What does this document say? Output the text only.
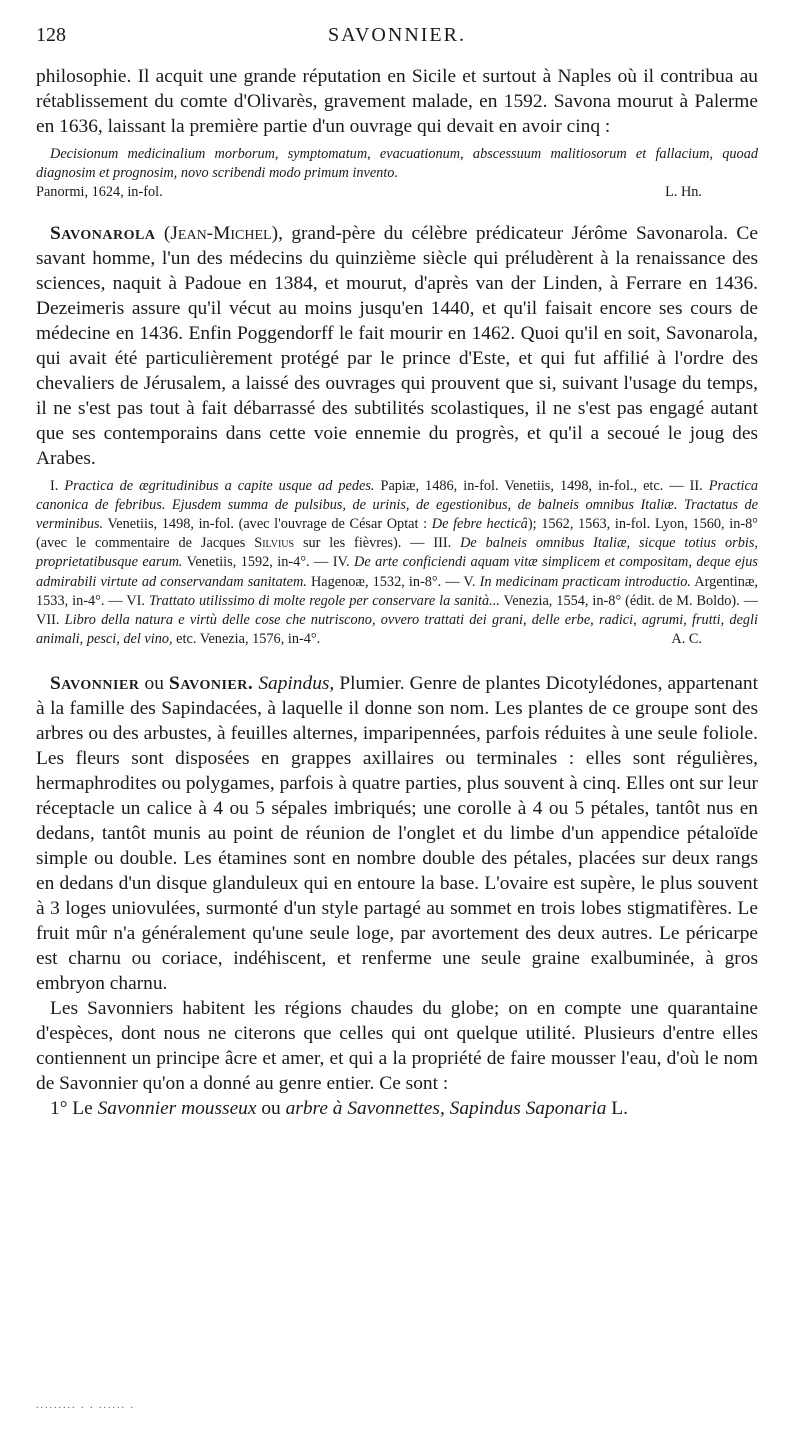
128	SAVONNIER.

philosophie. Il acquit une grande réputation en Sicile et surtout à Naples où il contribua au rétablissement du comte d'Olivarès, gravement malade, en 1592. Savona mourut à Palerme en 1636, laissant la première partie d'un ouvrage qui devait en avoir cinq :

Decisionum medicinalium morborum, symptomatum, evacuationum, abscessuum malitiosorum et fallacium, quoad diagnosim et prognosim, novo scribendi modo primum invento.

Panormi, 1624, in-fol.	L. Hn.

Savonarola (Jean-Michel), grand-père du célèbre prédicateur Jérôme Savonarola. Ce savant homme, l'un des médecins du quinzième siècle qui préludèrent à la renaissance des sciences, naquit à Padoue en 1384, et mourut, d'après van der Linden, à Ferrare en 1436. Dezeimeris assure qu'il vécut au moins jusqu'en 1440, et qu'il faisait encore ses cours de médecine en 1436. Enfin Poggendorff le fait mourir en 1462. Quoi qu'il en soit, Savonarola, qui avait été particulièrement protégé par le prince d'Este, et qui fut affilié à l'ordre des chevaliers de Jérusalem, a laissé des ouvrages qui prouvent que si, suivant l'usage du temps, il ne s'est pas tout à fait débarrassé des subtilités scolastiques, il ne s'est pas engagé autant que ses contemporains dans cette voie ennemie du progrès, et qu'il a secoué le joug des Arabes.

I. Practica de ægritudinibus a capite usque ad pedes. Papiæ, 1486, in-fol. Venetiis, 1498, in-fol., etc. — II. Practica canonica de febribus. Ejusdem summa de pulsibus, de urinis, de egestionibus, de balneis omnibus Italiæ. Tractatus de verminibus. Venetiis, 1498, in-fol. (avec l'ouvrage de César Optat : De febre hecticâ); 1562, 1563, in-fol. Lyon, 1560, in-8° (avec le commentaire de Jacques Silvius sur les fièvres). — III. De balneis omnibus Italiæ, sicque totius orbis, proprietatibusque earum. Venetiis, 1592, in-4°. — IV. De arte conficiendi aquam vitæ simplicem et compositam, deque ejus admirabili virtute ad conservandam sanitatem. Hagenoæ, 1532, in-8°. — V. In medicinam practicam introductio. Argentinæ, 1533, in-4°. — VI. Trattato utilissimo di molte regole per conservare la sanità... Venezia, 1554, in-8° (édit. de M. Boldo). — VII. Libro della natura e virtù delle cose che nutriscono, ovvero trattati dei grani, delle erbe, radici, agrumi, frutti, degli animali, pesci, del vino, etc. Venezia, 1576, in-4°.	A. C.

Savonnier ou Savonier. Sapindus, Plumier. Genre de plantes Dicotylédones, appartenant à la famille des Sapindacées, à laquelle il donne son nom. Les plantes de ce groupe sont des arbres ou des arbustes, à feuilles alternes, imparipennées, parfois réduites à une seule foliole. Les fleurs sont disposées en grappes axillaires ou terminales : elles sont régulières, hermaphrodites ou polygames, parfois à quatre parties, plus souvent à cinq. Elles ont sur leur réceptacle un calice à 4 ou 5 sépales imbriqués; une corolle à 4 ou 5 pétales, tantôt nus en dedans, tantôt munis au point de réunion de l'onglet et du limbe d'un appendice pétaloïde simple ou double. Les étamines sont en nombre double des pétales, placées sur deux rangs en dedans d'un disque glanduleux qui en entoure la base. L'ovaire est supère, le plus souvent à 3 loges uniovulées, surmonté d'un style partagé au sommet en trois lobes stigmatifères. Le fruit mûr n'a généralement qu'une seule loge, par avortement des deux autres. Le péricarpe est charnu ou coriace, indéhiscent, et renferme une seule graine exalbuminée, à gros embryon charnu.

Les Savonniers habitent les régions chaudes du globe; on en compte une quarantaine d'espèces, dont nous ne citerons que celles qui ont quelque utilité. Plusieurs d'entre elles contiennent un principe âcre et amer, et qui a la propriété de faire mousser l'eau, d'où le nom de Savonnier qu'on a donné au genre entier. Ce sont :

1° Le Savonnier mousseux ou arbre à Savonnettes, Sapindus Saponaria L.

......... . . ...... .
